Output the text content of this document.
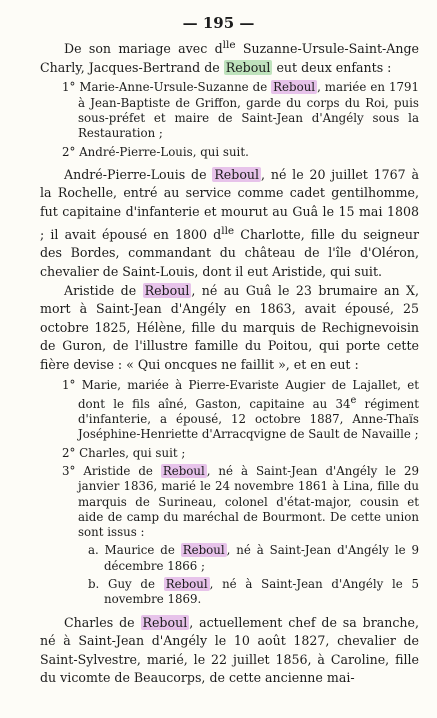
— 195 —

De son mariage avec $d^{lle}$ Suzanne-Ursule-Saint-Ange Charly, Jacques-Bertrand de Reboul eut deux enfants :

1° Marie-Anne-Ursule-Suzanne de Reboul , mariée en 1791 à Jean-Baptiste de Griffon, garde du corps du Roi, puis sous-préfet et maire de Saint-Jean d'Angély sous la Restauration ;

2° André-Pierre-Louis, qui suit.

André-Pierre-Louis de Reboul , né le 20 juillet 1767 à la Rochelle, entré au service comme cadet gentilhomme, fut capitaine d'infanterie et mourut au Guâ le 15 mai 1808 ; il avait épousé en 1800 $d^{lle}$ Charlotte, fille du seigneur des Bordes, commandant du château de l'île d'Oléron, chevalier de Saint-Louis, dont il eut Aristide, qui suit.

Aristide de Reboul , né au Guâ le 23 brumaire an X, mort à Saint-Jean d'Angély en 1863, avait épousé, 25 octobre 1825, Hélène, fille du marquis de Rechignevoisin de Guron, de l'illustre famille du Poitou, qui porte cette fière devise : « Qui oncques ne faillit », et en eut :

1° Marie, mariée à Pierre-Evariste Augier de Lajallet, et dont le fils aîné, Gaston, capitaine au 34e régiment d'infanterie, a épousé, 12 octobre 1887, Anne-Thaïs Joséphine-Henriette d'Arracqvigne de Sault de Navaille ;

2° Charles, qui suit ;

3° Aristide de Reboul , né à Saint-Jean d'Angély le 29 janvier 1836, marié le 24 novembre 1861 à Lina, fille du marquis de Surineau, colonel d'état-major, cousin et aide de camp du maréchal de Bourmont. De cette union sont issus :

a. Maurice de Reboul , né à Saint-Jean d'Angély le 9 décembre 1866 ;

b. Guy de Reboul , né à Saint-Jean d'Angély le 5 novembre 1869.

Charles de Reboul , actuellement chef de sa branche, né à Saint-Jean d'Angély le 10 août 1827, chevalier de Saint-Sylvestre, marié, le 22 juillet 1856, à Caroline, fille du vicomte de Beaucorps, de cette ancienne mai-
